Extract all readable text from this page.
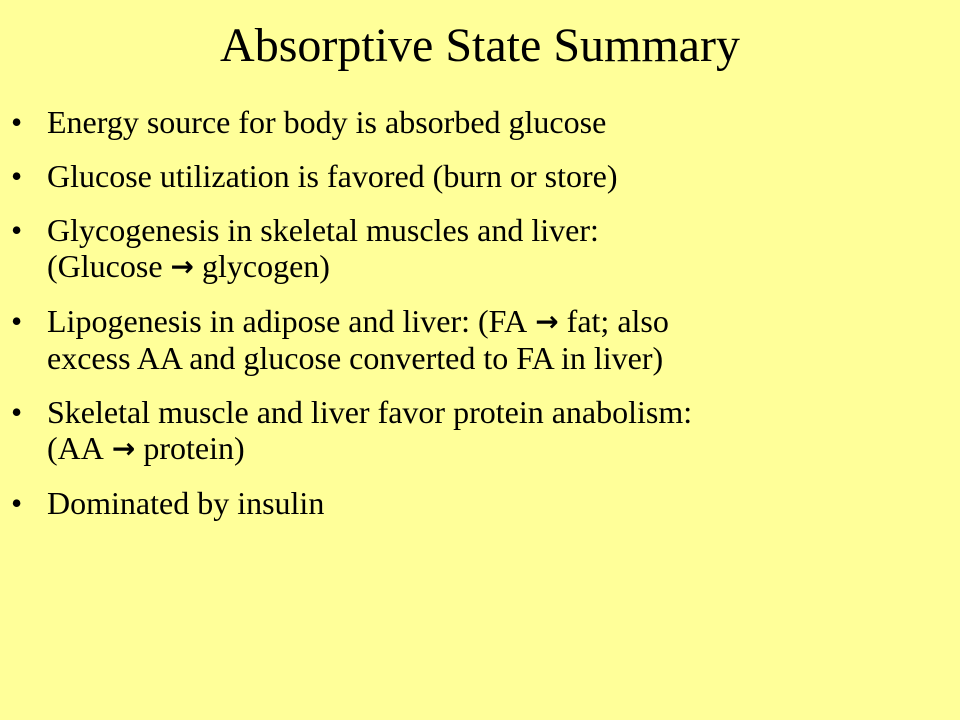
Absorptive State Summary
• Energy source for body is absorbed glucose
• Glucose utilization is favored (burn or store)
• Glycogenesis in skeletal muscles and liver:
(Glucose → glycogen)
• Lipogenesis in adipose and liver: (FA → fat; also
excess AA and glucose converted to FA in liver)
• Skeletal muscle and liver favor protein anabolism:
(AA → protein)
• Dominated by insulin
